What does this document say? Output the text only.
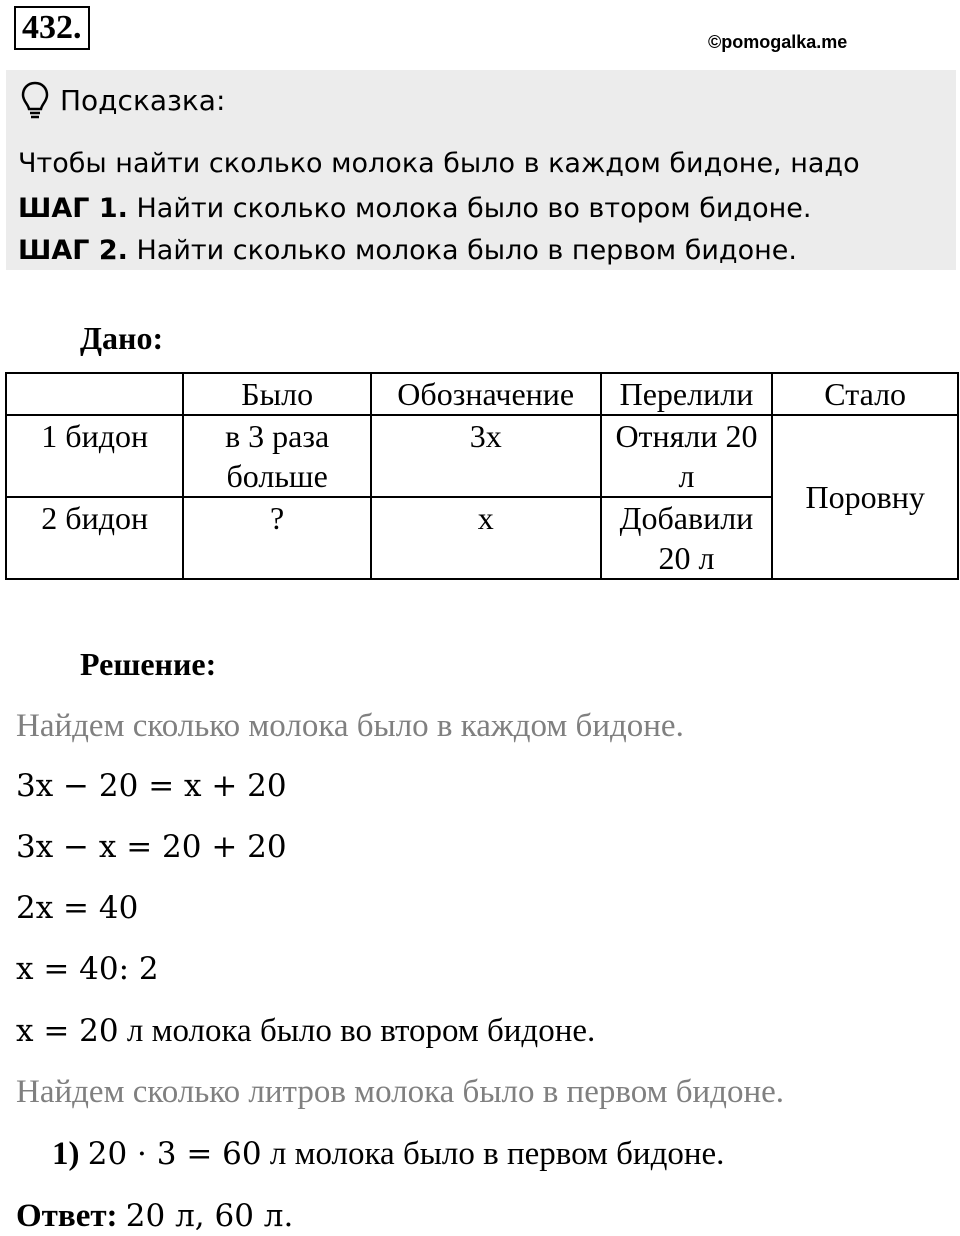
432.	©pomogalka.me
Подсказка:
Чтобы найти сколько молока было в каждом бидоне, надо
ШАГ 1. Найти сколько молока было во втором бидоне.
ШАГ 2. Найти сколько молока было в первом бидоне.
Дано:
	Было	Обозначение	Перелили	Стало
1 бидон	в 3 раза больше	3x	Отняли 20 л	Поровну
2 бидон	?	x	Добавили 20 л	
Решение:
Найдем сколько молока было в каждом бидоне.
3x − 20 = x + 20
3x − x = 20 + 20
2x = 40
x = 40: 2
x = 20 л молока было во втором бидоне.
Найдем сколько литров молока было в первом бидоне.
1) 20 · 3 = 60 л молока было в первом бидоне.
Ответ: 20 л, 60 л.
